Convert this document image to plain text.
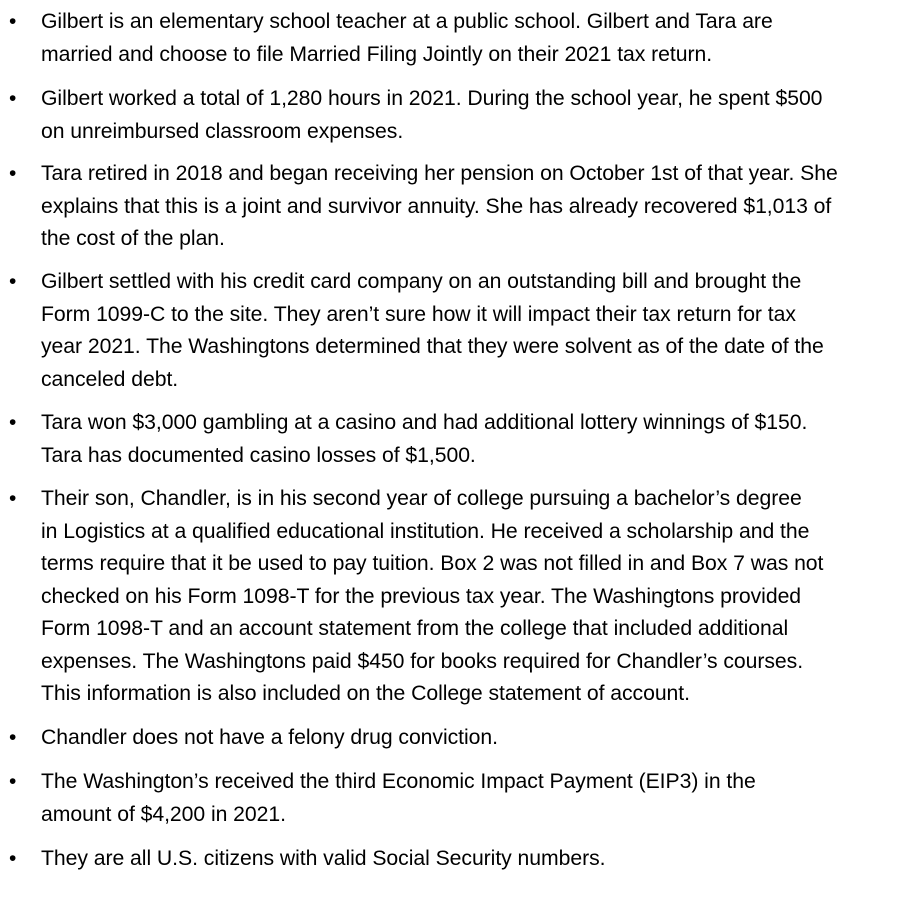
• Gilbert is an elementary school teacher at a public school. Gilbert and Tara are
married and choose to file Married Filing Jointly on their 2021 tax return.
• Gilbert worked a total of 1,280 hours in 2021. During the school year, he spent $500
on unreimbursed classroom expenses.
• Tara retired in 2018 and began receiving her pension on October 1st of that year. She
explains that this is a joint and survivor annuity. She has already recovered $1,013 of
the cost of the plan.
• Gilbert settled with his credit card company on an outstanding bill and brought the
Form 1099-C to the site. They aren’t sure how it will impact their tax return for tax
year 2021. The Washingtons determined that they were solvent as of the date of the
canceled debt.
• Tara won $3,000 gambling at a casino and had additional lottery winnings of $150.
Tara has documented casino losses of $1,500.
• Their son, Chandler, is in his second year of college pursuing a bachelor’s degree
in Logistics at a qualified educational institution. He received a scholarship and the
terms require that it be used to pay tuition. Box 2 was not filled in and Box 7 was not
checked on his Form 1098-T for the previous tax year. The Washingtons provided
Form 1098-T and an account statement from the college that included additional
expenses. The Washingtons paid $450 for books required for Chandler’s courses.
This information is also included on the College statement of account.
• Chandler does not have a felony drug conviction.
• The Washington’s received the third Economic Impact Payment (EIP3) in the
amount of $4,200 in 2021.
• They are all U.S. citizens with valid Social Security numbers.
